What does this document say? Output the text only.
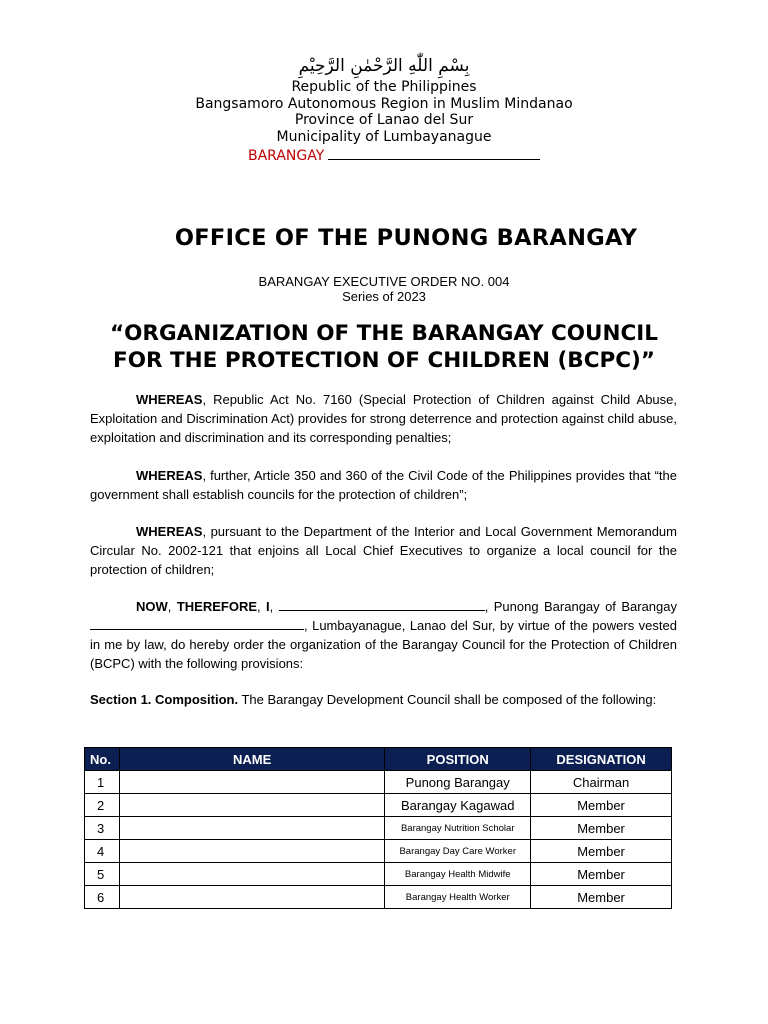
بِسْمِ اللّٰهِ الرَّحْمٰنِ الرَّحِيْمِ
Republic of the Philippines
Bangsamoro Autonomous Region in Muslim Mindanao
Province of Lanao del Sur
Municipality of Lumbayanague
BARANGAY
OFFICE OF THE PUNONG BARANGAY
BARANGAY EXECUTIVE ORDER NO. 004
Series of 2023
“ORGANIZATION OF THE BARANGAY COUNCIL
FOR THE PROTECTION OF CHILDREN (BCPC)”
WHEREAS, Republic Act No. 7160 (Special Protection of Children against Child Abuse, Exploitation and Discrimination Act) provides for strong deterrence and protection against child abuse, exploitation and discrimination and its corresponding penalties;
WHEREAS, further, Article 350 and 360 of the Civil Code of the Philippines provides that “the government shall establish councils for the protection of children”;
WHEREAS, pursuant to the Department of the Interior and Local Government Memorandum Circular No. 2002-121 that enjoins all Local Chief Executives to organize a local council for the protection of children;
NOW, THEREFORE, I,	, Punong Barangay of Barangay , Lumbayanague, Lanao del Sur, by virtue of the powers vested in me by law, do hereby order the organization of the Barangay Council for the Protection of Children (BCPC) with the following provisions:
Section 1. Composition. The Barangay Development Council shall be composed of the following:
No.	NAME	POSITION	DESIGNATION
1		Punong Barangay	Chairman
2		Barangay Kagawad	Member
3		Barangay Nutrition Scholar	Member
4		Barangay Day Care Worker	Member
5		Barangay Health Midwife	Member
6		Barangay Health Worker	Member
